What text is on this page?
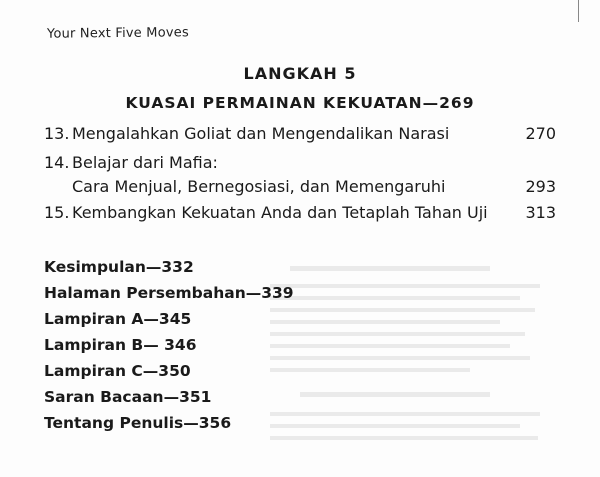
Your Next Five Moves
LANGKAH 5
KUASAI PERMAINAN KEKUATAN—269
13. Mengalahkan Goliat dan Mengendalikan Narasi	270
14. Belajar dari Mafia:
Cara Menjual, Bernegosiasi, dan Memengaruhi	293
15. Kembangkan Kekuatan Anda dan Tetaplah Tahan Uji 313
Kesimpulan—332
Halaman Persembahan—339
Lampiran A—345
Lampiran B— 346
Lampiran C—350
Saran Bacaan—351
Tentang Penulis—356
